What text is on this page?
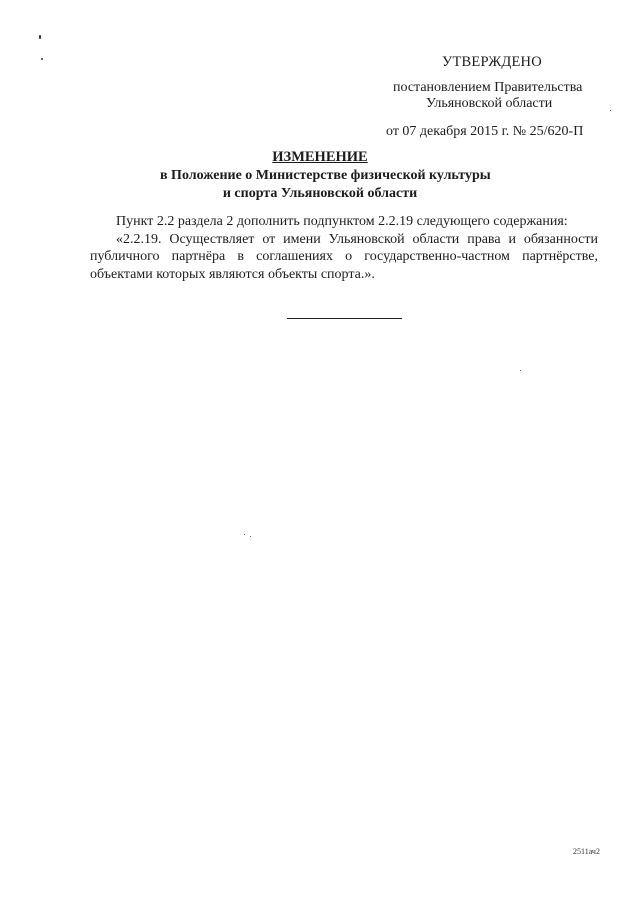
УТВЕРЖДЕНО
постановлением Правительства
Ульяновской области
от 07 декабря 2015 г. № 25/620-П
ИЗМЕНЕНИЕ
в Положение о Министерстве физической культуры
и спорта Ульяновской области

Пункт 2.2 раздела 2 дополнить подпунктом 2.2.19 следующего содержания:

«2.2.19. Осуществляет от имени Ульяновской области права и обязанности публичного партнёра в соглашениях о государственно-частном партнёрстве, объектами которых являются объекты спорта.».

2511ач2
